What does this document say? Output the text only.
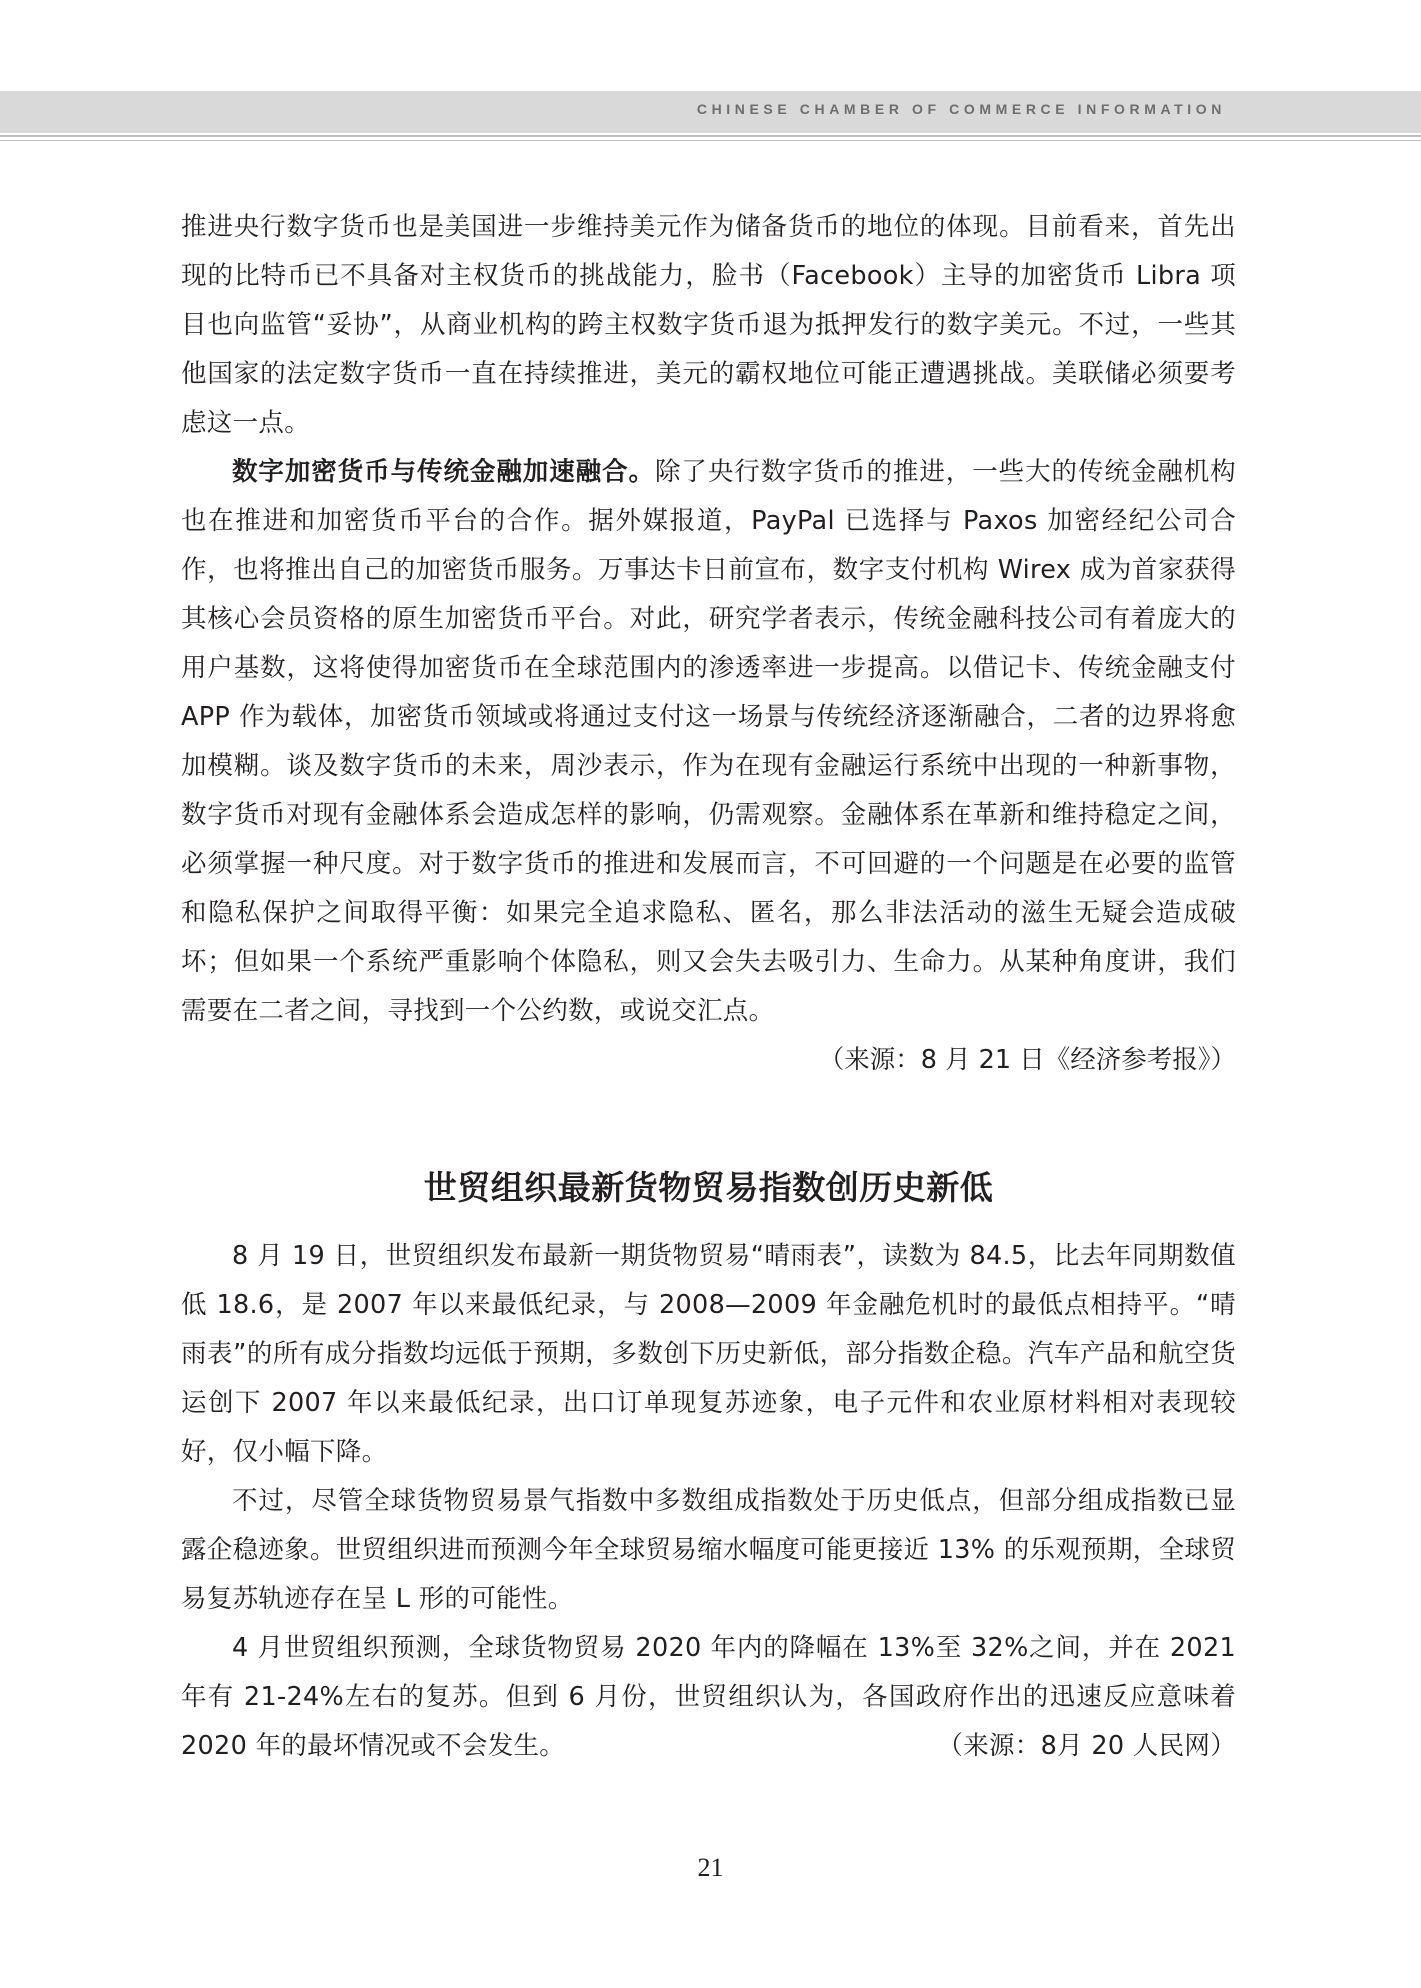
CHINESE CHAMBER OF COMMERCE INFORMATION

推进央行数字货币也是美国进一步维持美元作为储备货币的地位的体现。目前看来，首先出现的比特币已不具备对主权货币的挑战能力，脸书（Facebook）主导的加密货币 Libra 项目也向监管“妥协”，从商业机构的跨主权数字货币退为抵押发行的数字美元。不过，一些其他国家的法定数字货币一直在持续推进，美元的霸权地位可能正遭遇挑战。美联储必须要考虑这一点。

数字加密货币与传统金融加速融合。除了央行数字货币的推进，一些大的传统金融机构也在推进和加密货币平台的合作。据外媒报道，PayPal 已选择与 Paxos 加密经纪公司合作，也将推出自己的加密货币服务。万事达卡日前宣布，数字支付机构 Wirex 成为首家获得其核心会员资格的原生加密货币平台。对此，研究学者表示，传统金融科技公司有着庞大的用户基数，这将使得加密货币在全球范围内的渗透率进一步提高。以借记卡、传统金融支付 APP 作为载体，加密货币领域或将通过支付这一场景与传统经济逐渐融合，二者的边界将愈加模糊。谈及数字货币的未来，周沙表示，作为在现有金融运行系统中出现的一种新事物，数字货币对现有金融体系会造成怎样的影响，仍需观察。金融体系在革新和维持稳定之间，必须掌握一种尺度。对于数字货币的推进和发展而言，不可回避的一个问题是在必要的监管和隐私保护之间取得平衡：如果完全追求隐私、匿名，那么非法活动的滋生无疑会造成破坏；但如果一个系统严重影响个体隐私，则又会失去吸引力、生命力。从某种角度讲，我们需要在二者之间，寻找到一个公约数，或说交汇点。

（来源：8 月 21 日《经济参考报》）

世贸组织最新货物贸易指数创历史新低

8 月 19 日，世贸组织发布最新一期货物贸易“晴雨表”，读数为 84.5，比去年同期数值低 18.6，是 2007 年以来最低纪录，与 2008—2009 年金融危机时的最低点相持平。“晴雨表”的所有成分指数均远低于预期，多数创下历史新低，部分指数企稳。汽车产品和航空货运创下 2007 年以来最低纪录，出口订单现复苏迹象，电子元件和农业原材料相对表现较好，仅小幅下降。

不过，尽管全球货物贸易景气指数中多数组成指数处于历史低点，但部分组成指数已显露企稳迹象。世贸组织进而预测今年全球贸易缩水幅度可能更接近 13% 的乐观预期，全球贸易复苏轨迹存在呈 L 形的可能性。

4 月世贸组织预测，全球货物贸易 2020 年内的降幅在 13%至 32%之间，并在 2021 年有 21-24%左右的复苏。但到 6 月份，世贸组织认为，各国政府作出的迅速反应意味着 2020 年的最坏情况或不会发生。	（来源：8月 20 人民网）

21
